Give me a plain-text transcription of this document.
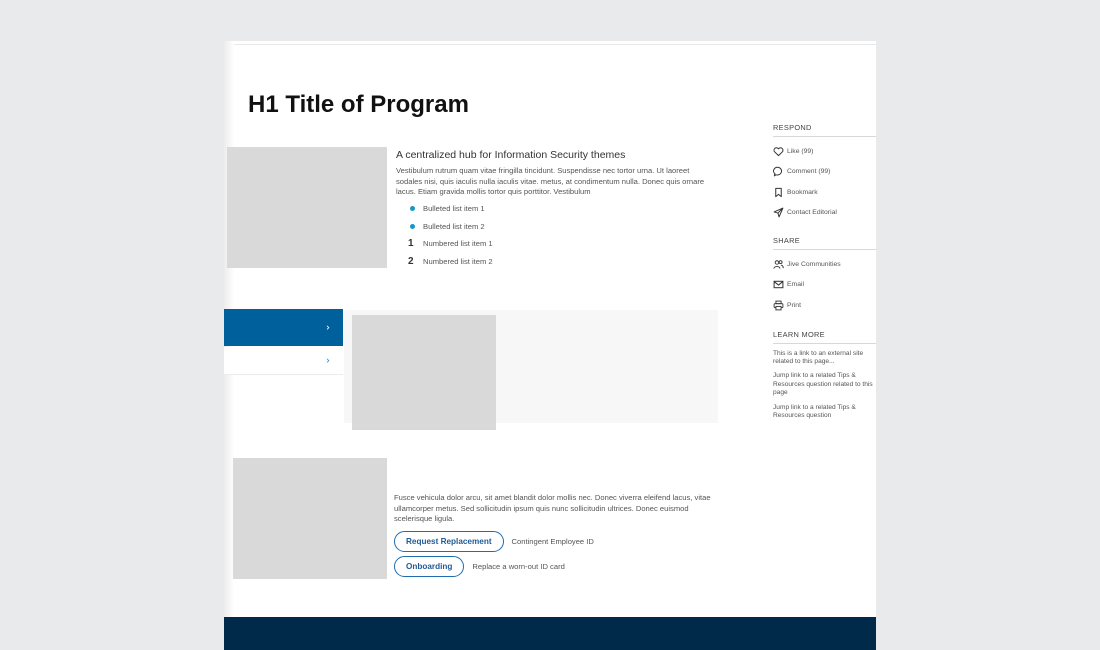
H1 Title of Program
A centralized hub for Information Security themes
Vestibulum rutrum quam vitae fringilla tincidunt. Suspendisse nec tortor urna. Ut laoreet sodales nisi, quis iaculis nulla iaculis vitae. metus, at condimentum nulla. Donec quis ornare lacus. Etiam gravida mollis tortor quis porttitor. Vestibulum
Bulleted list item 1
Bulleted list item 2
1 Numbered list item 1
2 Numbered list item 2
›
›
Fusce vehicula dolor arcu, sit amet blandit dolor mollis nec. Donec viverra eleifend lacus, vitae ullamcorper metus. Sed sollicitudin ipsum quis nunc sollicitudin ultrices. Donec euismod scelerisque ligula.
Request Replacement	Contingent Employee ID
Onboarding	Replace a worn-out ID card
RESPOND
Like (99)
Comment (99)
Bookmark
Contact Editorial
SHARE
Jive Communities
Email
Print
LEARN MORE
This is a link to an external site related to this page...
Jump link to a related Tips & Resources question related to this page
Jump link to a related Tips & Resources question
